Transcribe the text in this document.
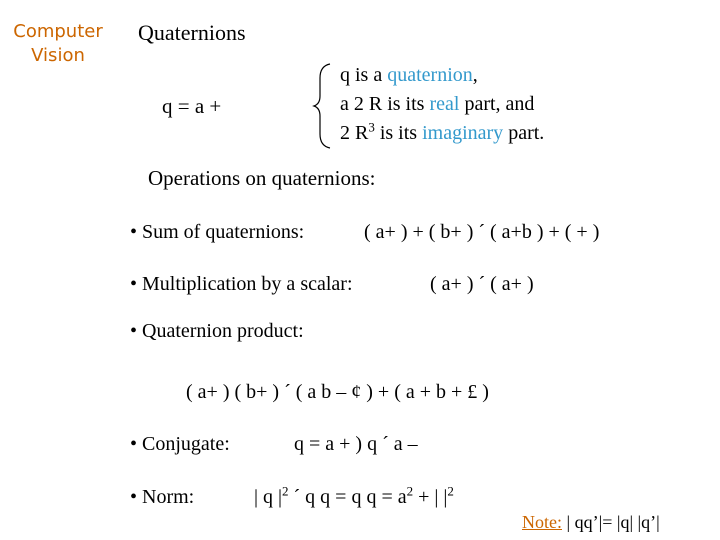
Computer
Vision
Quaternions
q = a +
q is a quaternion,
a 2 R is its real part, and
2 $R^3$ is its imaginary part.
Operations on quaternions:
• Sum of quaternions:	( a+ ) + ( b+ ) ´ ( a+b ) + ( + )
• Multiplication by a scalar:	( a+ ) ´ ( a+ )
• Quaternion product:
( a+ ) ( b+ ) ´ ( a b – ¢ ) + ( a + b + £ )
• Conjugate:	q = a + ) q ´ a –
• Norm:	| q $|^2$ ´ q q = q $q = a^2$ + | $|^2$
Note: | qq’|= |q| |q’|
